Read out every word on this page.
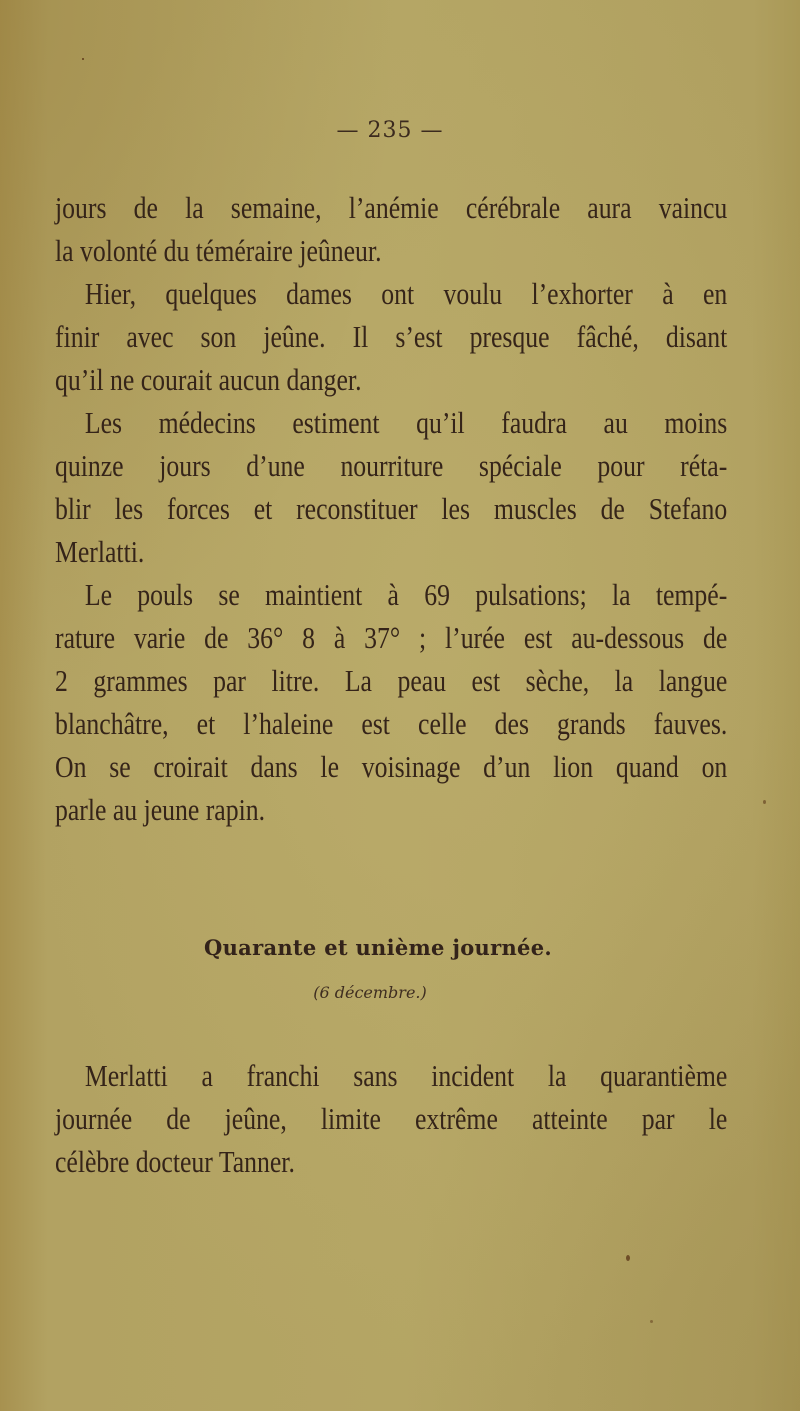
— 235 —
jours de la semaine, l’anémie cérébrale aura vaincu
la volonté du téméraire jeûneur.
Hier, quelques dames ont voulu l’exhorter à en
finir avec son jeûne. Il s’est presque fâché, disant
qu’il ne courait aucun danger.
Les médecins estiment qu’il faudra au moins
quinze jours d’une nourriture spéciale pour réta-
blir les forces et reconstituer les muscles de Stefano
Merlatti.
Le pouls se maintient à 69 pulsations; la tempé-
rature varie de 36° 8 à 37° ; l’urée est au-dessous de
2 grammes par litre. La peau est sèche, la langue
blanchâtre, et l’haleine est celle des grands fauves.
On se croirait dans le voisinage d’un lion quand on
parle au jeune rapin.
Quarante et unième journée.
(6 décembre.)
Merlatti a franchi sans incident la quarantième
journée de jeûne, limite extrême atteinte par le
célèbre docteur Tanner.
